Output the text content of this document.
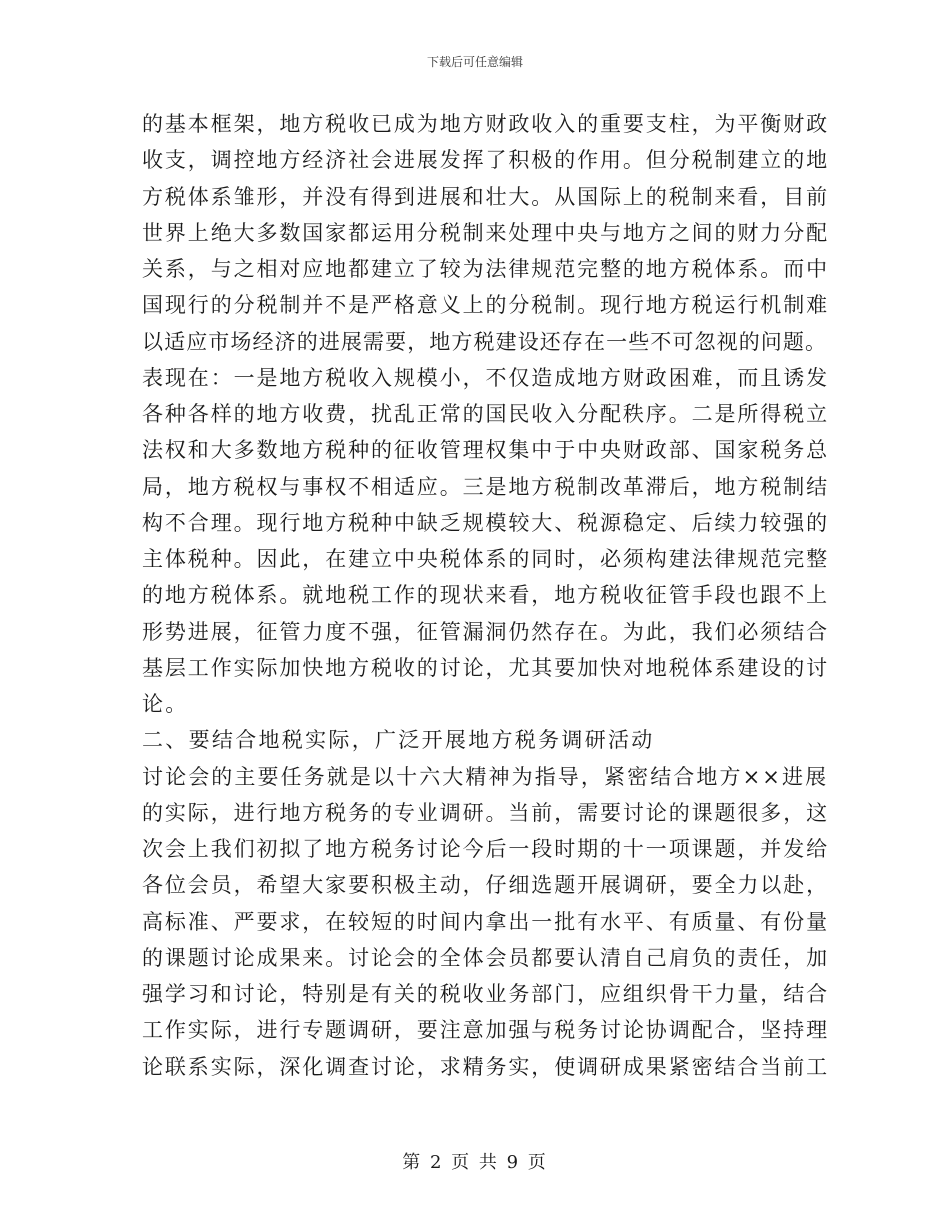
下载后可任意编辑
的基本框架，地方税收已成为地方财政收入的重要支柱，为平衡财政
收支，调控地方经济社会进展发挥了积极的作用。但分税制建立的地
方税体系雏形，并没有得到进展和壮大。从国际上的税制来看，目前
世界上绝大多数国家都运用分税制来处理中央与地方之间的财力分配
关系，与之相对应地都建立了较为法律规范完整的地方税体系。而中
国现行的分税制并不是严格意义上的分税制。现行地方税运行机制难
以适应市场经济的进展需要，地方税建设还存在一些不可忽视的问题。
表现在：一是地方税收入规模小，不仅造成地方财政困难，而且诱发
各种各样的地方收费，扰乱正常的国民收入分配秩序。二是所得税立
法权和大多数地方税种的征收管理权集中于中央财政部、国家税务总
局，地方税权与事权不相适应。三是地方税制改革滞后，地方税制结
构不合理。现行地方税种中缺乏规模较大、税源稳定、后续力较强的
主体税种。因此，在建立中央税体系的同时，必须构建法律规范完整
的地方税体系。就地税工作的现状来看，地方税收征管手段也跟不上
形势进展，征管力度不强，征管漏洞仍然存在。为此，我们必须结合
基层工作实际加快地方税收的讨论，尤其要加快对地税体系建设的讨
论。
二、要结合地税实际，广泛开展地方税务调研活动
讨论会的主要任务就是以十六大精神为指导，紧密结合地方××进展
的实际，进行地方税务的专业调研。当前，需要讨论的课题很多，这
次会上我们初拟了地方税务讨论今后一段时期的十一项课题，并发给
各位会员，希望大家要积极主动，仔细选题开展调研，要全力以赴，
高标准、严要求，在较短的时间内拿出一批有水平、有质量、有份量
的课题讨论成果来。讨论会的全体会员都要认清自己肩负的责任，加
强学习和讨论，特别是有关的税收业务部门，应组织骨干力量，结合
工作实际，进行专题调研，要注意加强与税务讨论协调配合，坚持理
论联系实际，深化调查讨论，求精务实，使调研成果紧密结合当前工
第 2 页 共 9 页
